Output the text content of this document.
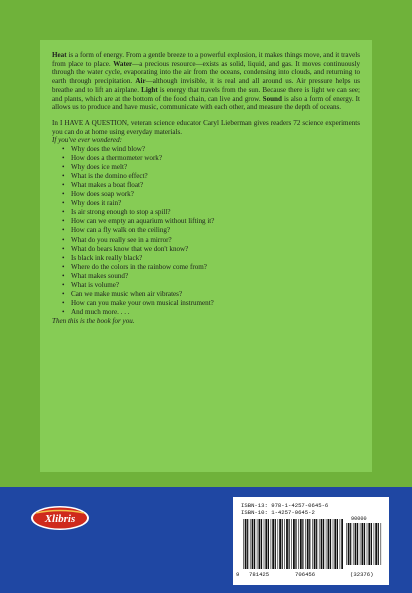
Heat is a form of energy. From a gentle breeze to a powerful explosion, it makes things move, and it travels from place to place. Water—a precious resource—exists as solid, liquid, and gas. It moves continuously through the water cycle, evaporating into the air from the oceans, condensing into clouds, and returning to earth through precipitation. Air—although invisible, it is real and all around us. Air pressure helps us breathe and to lift an airplane. Light is energy that travels from the sun. Because there is light we can see; and plants, which are at the bottom of the food chain, can live and grow. Sound is also a form of energy. It allows us to produce and have music, communicate with each other, and measure the depth of oceans.

In I HAVE A QUESTION, veteran science educator Caryl Lieberman gives readers 72 science experiments you can do at home using everyday materials.

If you've ever wondered:

• Why does the wind blow?
• How does a thermometer work?
• Why does ice melt?
• What is the domino effect?
• What makes a boat float?
• How does soap work?
• Why does it rain?
• Is air strong enough to stop a spill?
• How can we empty an aquarium without lifting it?
• How can a fly walk on the ceiling?
• What do you really see in a mirror?
• What do bears know that we don't know?
• Is black ink really black?
• Where do the colors in the rainbow come from?
• What makes sound?
• What is volume?
• Can we make music when air vibrates?
• How can you make your own musical instrument?
• And much more. . . .

Then this is the book for you.

Xlibris
ISBN-13: 978-1-4257-0645-6
ISBN-10: 1-4257-0645-2
90000
9 781425	706456	(32376)
